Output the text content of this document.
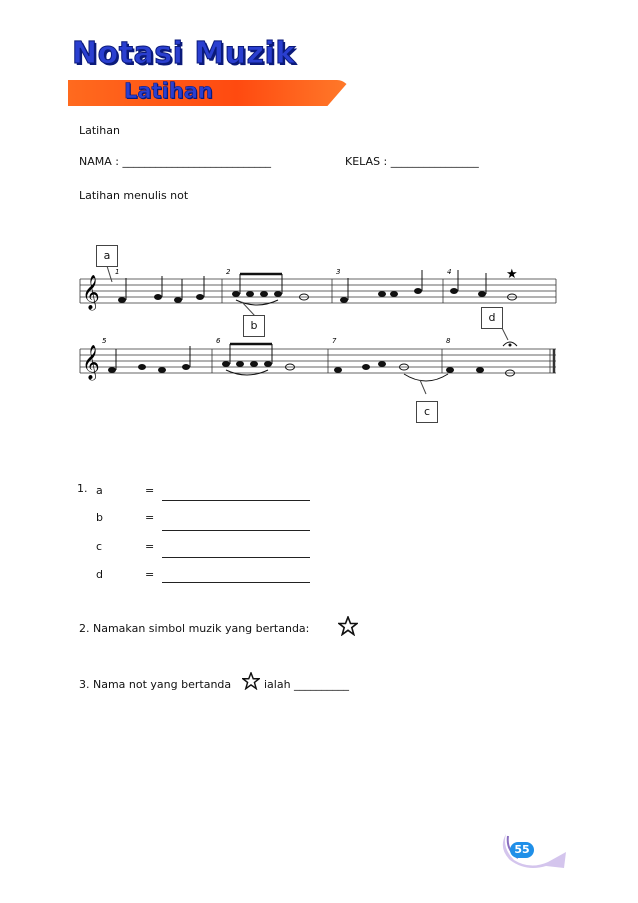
Notasi Muzik
Latihan
Latihan
NAMA : ___________________________	KELAS : ________________
Latihan menulis not
𝄞
1	2	3	4	★
𝄞
5	6	7	8
a
b
c
d
1. a	=
b	=
c	=
d	=
2. Namakan simbol muzik yang bertanda:
3. Nama not yang bertanda	ialah __________
55
